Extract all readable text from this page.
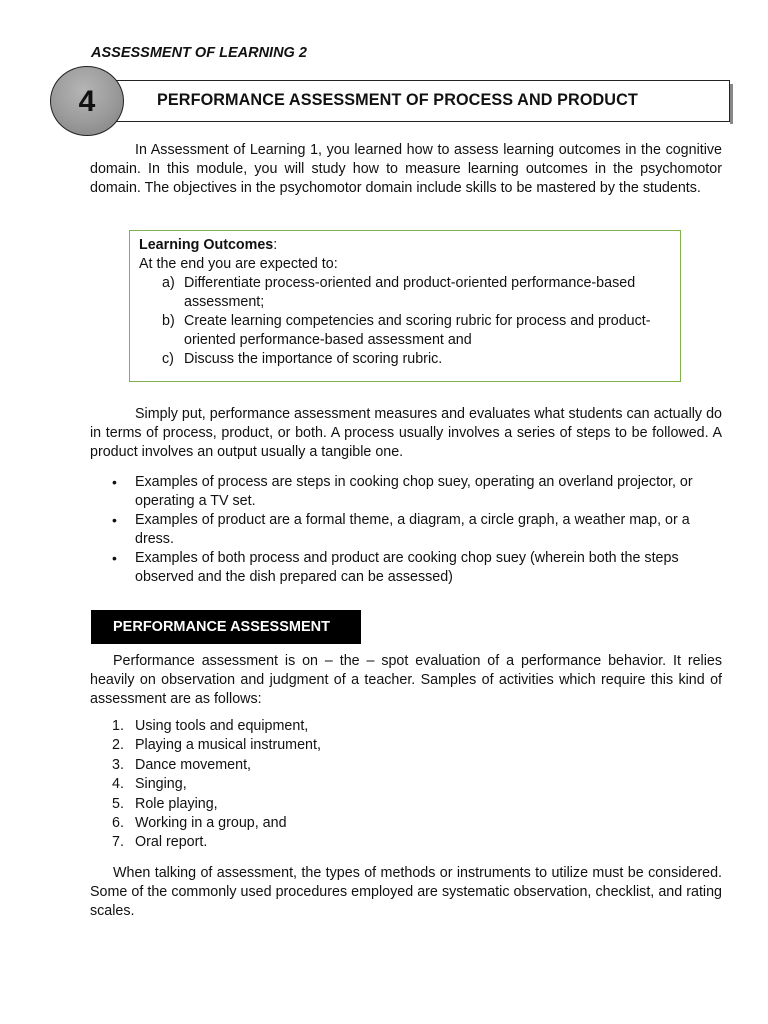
ASSESSMENT OF LEARNING 2
PERFORMANCE ASSESSMENT OF PROCESS AND PRODUCT
4

In Assessment of Learning 1, you learned how to assess learning outcomes in the cognitive domain. In this module, you will study how to measure learning outcomes in the psychomotor domain. The objectives in the psychomotor domain include skills to be mastered by the students.

Learning Outcomes:
At the end you are expected to:
a) Differentiate process-oriented and product-oriented performance-based assessment;
b) Create learning competencies and scoring rubric for process and product-oriented performance-based assessment and
c) Discuss the importance of scoring rubric.

Simply put, performance assessment measures and evaluates what students can actually do in terms of process, product, or both. A process usually involves a series of steps to be followed. A product involves an output usually a tangible one.

• Examples of process are steps in cooking chop suey, operating an overland projector, or operating a TV set.
• Examples of product are a formal theme, a diagram, a circle graph, a weather map, or a dress.
• Examples of both process and product are cooking chop suey (wherein both the steps observed and the dish prepared can be assessed)
PERFORMANCE ASSESSMENT

Performance assessment is on – the – spot evaluation of a performance behavior. It relies heavily on observation and judgment of a teacher. Samples of activities which require this kind of assessment are as follows:

1. Using tools and equipment,
2. Playing a musical instrument,
3. Dance movement,
4. Singing,
5. Role playing,
6. Working in a group, and
7. Oral report.

When talking of assessment, the types of methods or instruments to utilize must be considered. Some of the commonly used procedures employed are systematic observation, checklist, and rating scales.
